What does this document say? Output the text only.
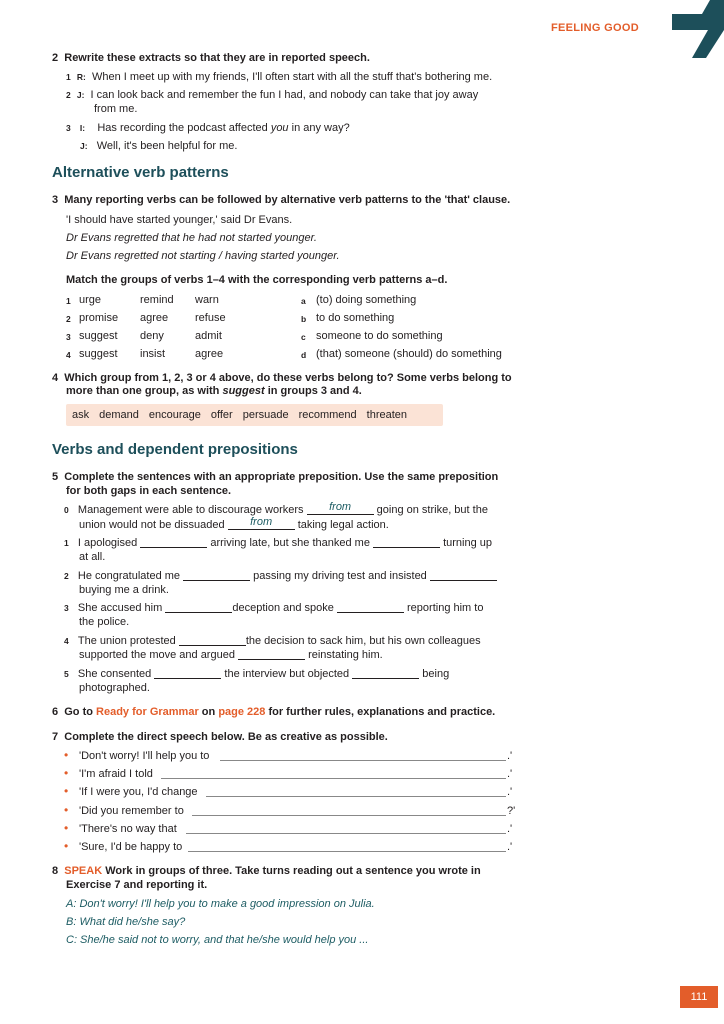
FEELING GOOD
2 Rewrite these extracts so that they are in reported speech.
1 R: When I meet up with my friends, I'll often start with all the stuff that's bothering me.
2 J: I can look back and remember the fun I had, and nobody can take that joy away
from me.
3 I: Has recording the podcast affected you in any way?
J: Well, it's been helpful for me.
Alternative verb patterns
3 Many reporting verbs can be followed by alternative verb patterns to the 'that' clause.
'I should have started younger,' said Dr Evans.
Dr Evans regretted that he had not started younger.
Dr Evans regretted not starting / having started younger.
Match the groups of verbs 1–4 with the corresponding verb patterns a–d.
1 urge	remind warn	a (to) doing something
2 promise agree refuse	b to do something
3 suggest deny	admit	c someone to do something
4 suggest insist	agree	d (that) someone (should) do something
4 Which group from 1, 2, 3 or 4 above, do these verbs belong to? Some verbs belong to
more than one group, as with suggest in groups 3 and 4.
ask demand encourage offer persuade recommend threaten
Verbs and dependent prepositions
5 Complete the sentences with an appropriate preposition. Use the same preposition
for both gaps in each sentence.
0 Management were able to discourage workers	from	going on strike, but the
union would not be dissuaded	from	taking legal action.
1 I apologised	arriving late, but she thanked me	turning up
at all.
2 He congratulated me	passing my driving test and insisted
buying me a drink.
3 She accused him	deception and spoke	reporting him to
the police.
4 The union protested	the decision to sack him, but his own colleagues
supported the move and argued	reinstating him.
5 She consented	the interview but objected	being
photographed.
6 Go to Ready for Grammar on page 228 for further rules, explanations and practice.
7 Complete the direct speech below. Be as creative as possible.
• 'Don't worry! I'll help you to	.'
• 'I'm afraid I told	.'
• 'If I were you, I'd change	.'
• 'Did you remember to	?'
• 'There's no way that	.'
• 'Sure, I'd be happy to	.'
8 SPEAK Work in groups of three. Take turns reading out a sentence you wrote in
Exercise 7 and reporting it.
A: Don't worry! I'll help you to make a good impression on Julia.
B: What did he/she say?
C: She/he said not to worry, and that he/she would help you ...
111
